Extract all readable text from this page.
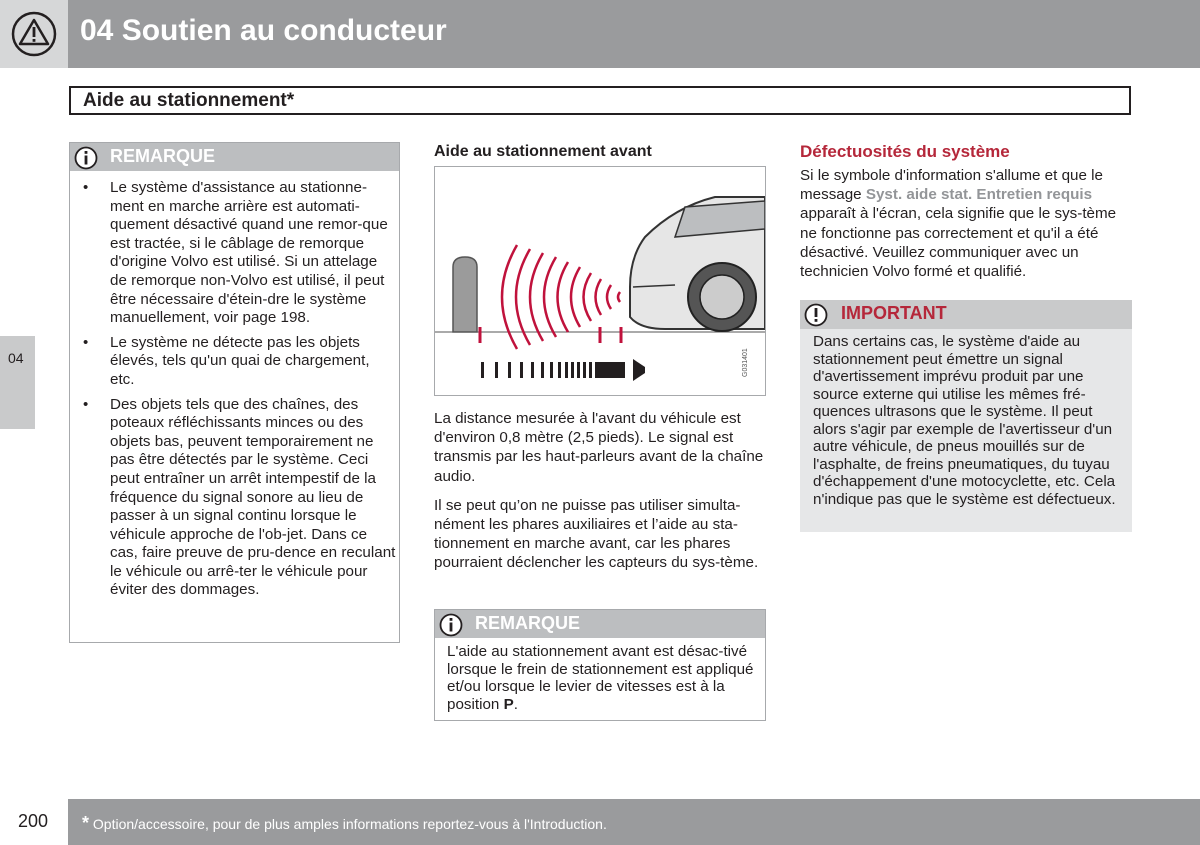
04 Soutien au conducteur
Aide au stationnement*
04
REMARQUE
• Le système d'assistance au stationne-ment en marche arrière est automati-quement désactivé quand une remor-que est tractée, si le câblage de remorque d'origine Volvo est utilisé. Si un attelage de remorque non-Volvo est utilisé, il peut être nécessaire d'étein-dre le système manuellement, voir page 198.
• Le système ne détecte pas les objets élevés, tels qu'un quai de chargement, etc.
• Des objets tels que des chaînes, des poteaux réfléchissants minces ou des objets bas, peuvent temporairement ne pas être détectés par le système. Ceci peut entraîner un arrêt intempestif de la fréquence du signal sonore au lieu de passer à un signal continu lorsque le véhicule approche de l'ob-jet. Dans ce cas, faire preuve de pru-dence en reculant le véhicule ou arrê-ter le véhicule pour éviter des dommages.
Aide au stationnement avant
G031401

La distance mesurée à l'avant du véhicule est d'environ 0,8 mètre (2,5 pieds). Le signal est transmis par les haut-parleurs avant de la chaîne audio.

Il se peut qu’on ne puisse pas utiliser simulta-nément les phares auxiliaires et l’aide au sta-tionnement en marche avant, car les phares pourraient déclencher les capteurs du sys-tème.

REMARQUE
L'aide au stationnement avant est désac-tivé lorsque le frein de stationnement est appliqué et/ou lorsque le levier de vitesses est à la position P.
Défectuosités du système

Si le symbole d'information s'allume et que le message Syst. aide stat. Entretien requis apparaît à l'écran, cela signifie que le sys-tème ne fonctionne pas correctement et qu'il a été désactivé. Veuillez communiquer avec un technicien Volvo formé et qualifié.

IMPORTANT
Dans certains cas, le système d'aide au stationnement peut émettre un signal d'avertissement imprévu produit par une source externe qui utilise les mêmes fré-quences ultrasons que le système. Il peut alors s'agir par exemple de l'avertisseur d'un autre véhicule, de pneus mouillés sur de l'asphalte, de freins pneumatiques, du tuyau d'échappement d'une motocyclette, etc. Cela n'indique pas que le système est défectueux.
200 * Option/accessoire, pour de plus amples informations reportez-vous à l'Introduction.
